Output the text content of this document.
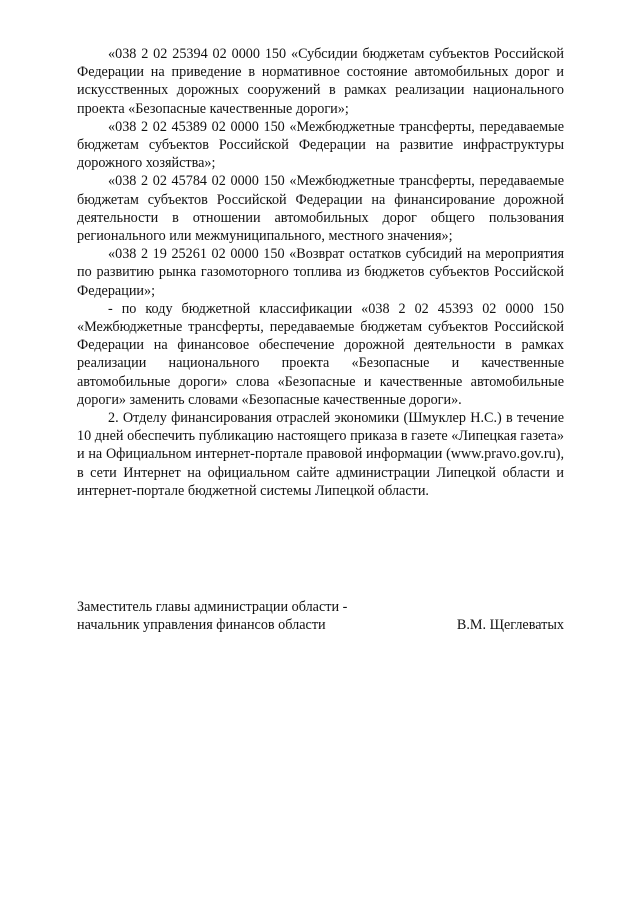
«038 2 02 25394 02 0000 150 «Субсидии бюджетам субъектов Российской Федерации на приведение в нормативное состояние автомобильных дорог и искусственных дорожных сооружений в рамках реализации национального проекта «Безопасные качественные дороги»;

«038 2 02 45389 02 0000 150 «Межбюджетные трансферты, передаваемые бюджетам субъектов Российской Федерации на развитие инфраструктуры дорожного хозяйства»;

«038 2 02 45784 02 0000 150 «Межбюджетные трансферты, передаваемые бюджетам субъектов Российской Федерации на финансирование дорожной деятельности в отношении автомобильных дорог общего пользования регионального или межмуниципального, местного значения»;

«038 2 19 25261 02 0000 150 «Возврат остатков субсидий на мероприятия по развитию рынка газомоторного топлива из бюджетов субъектов Российской Федерации»;

- по коду бюджетной классификации «038 2 02 45393 02 0000 150 «Межбюджетные трансферты, передаваемые бюджетам субъектов Российской Федерации на финансовое обеспечение дорожной деятельности в рамках реализации национального проекта «Безопасные и качественные автомобильные дороги» слова «Безопасные и качественные автомобильные дороги» заменить словами «Безопасные качественные дороги».

2. Отделу финансирования отраслей экономики (Шмуклер Н.С.) в течение 10 дней обеспечить публикацию настоящего приказа в газете «Липецкая газета» и на Официальном интернет-портале правовой информации (www.pravo.gov.ru), в сети Интернет на официальном сайте администрации Липецкой области и интернет-портале бюджетной системы Липецкой области.

Заместитель главы администрации области -
начальник управления финансов области	В.М. Щеглеватых
